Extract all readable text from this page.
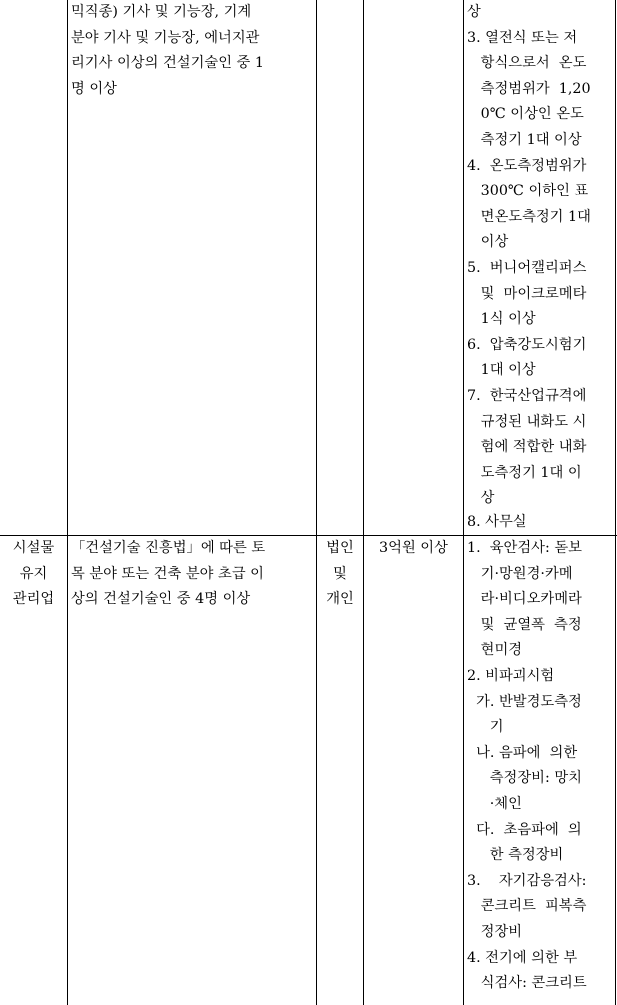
믹직종) 기사 및 기능장, 기계
분야 기사 및 기능장, 에너지관
리기사 이상의 건설기술인 중 1
명 이상
상
3. 열전식 또는 저
항식으로서  온도
측정범위가  1,20
0℃ 이상인 온도
측정기 1대 이상
4.  온도측정범위가
300℃ 이하인 표
면온도측정기 1대
이상
5.  버니어캘리퍼스
및  마이크로메타
1식 이상
6.  압축강도시험기
1대 이상
7.  한국산업규격에
규정된 내화도 시
험에 적합한 내화
도측정기 1대 이
상
8. 사무실
시설물
유지
관리업
「건설기술 진흥법」에 따른 토
목 분야 또는 건축 분야 초급 이
상의 건설기술인 중 4명 이상
법인
및
개인
3억원 이상	1.  육안검사: 돋보
기·망원경·카메
라·비디오카메라
및  균열폭  측정
현미경
2. 비파괴시험
가. 반발경도측정
기
나. 음파에  의한
측정장비: 망치
·체인
다.  초음파에  의
한 측정장비
3.    자기감응검사:
콘크리트  피복측
정장비
4. 전기에 의한 부
식검사: 콘크리트
